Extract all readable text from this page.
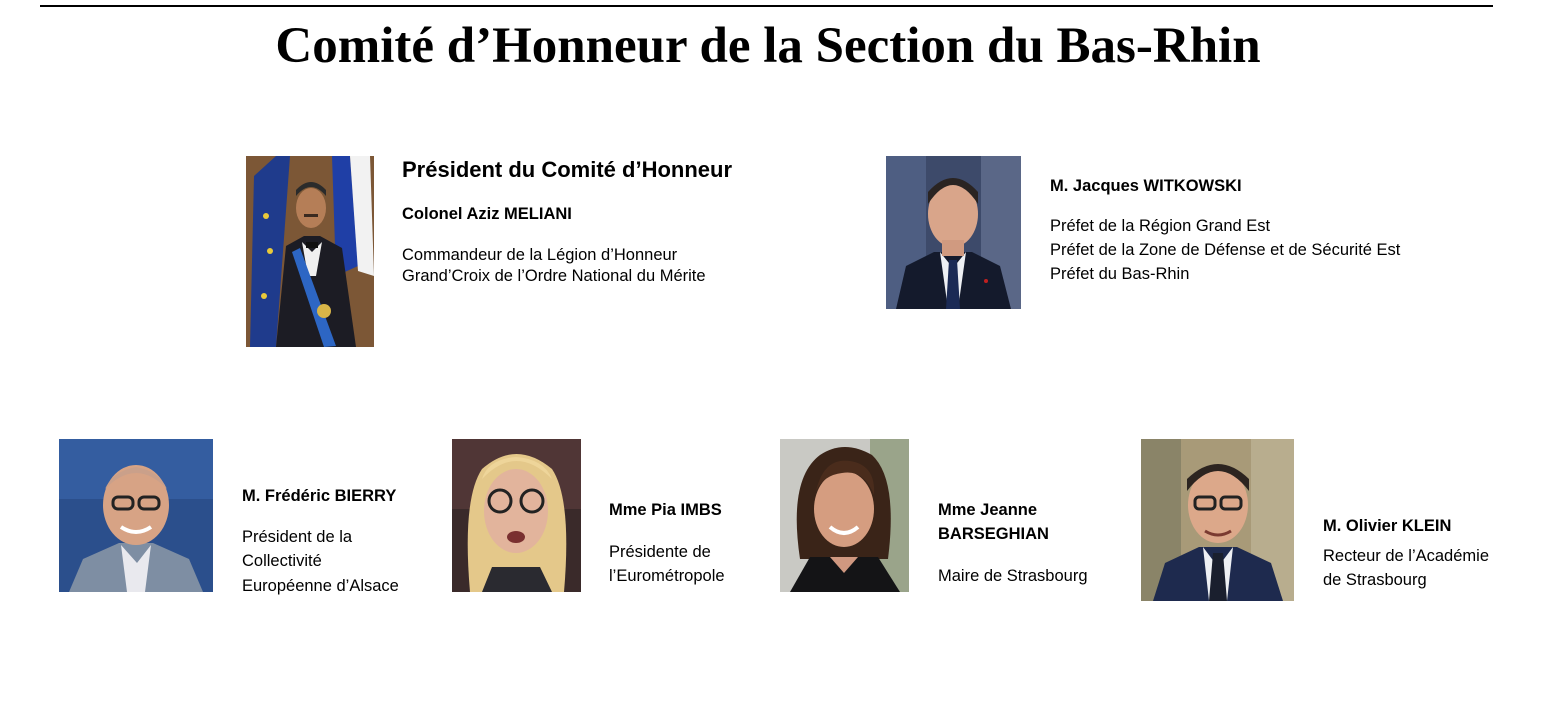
Comité d’Honneur de la Section du Bas-Rhin
Président du Comité d’Honneur
Colonel Aziz MELIANI
Commandeur de la Légion d’Honneur
Grand’Croix de l’Ordre National du Mérite
M. Jacques WITKOWSKI
Préfet de la Région Grand Est
Préfet de la Zone de Défense et de Sécurité Est
Préfet du Bas-Rhin
M. Frédéric BIERRY
Président de la
Collectivité
Européenne d’Alsace
Mme Pia IMBS
Présidente de
l’Eurométropole
Mme Jeanne
BARSEGHIAN
Maire de Strasbourg
M. Olivier KLEIN
Recteur de l’Académie
de Strasbourg
